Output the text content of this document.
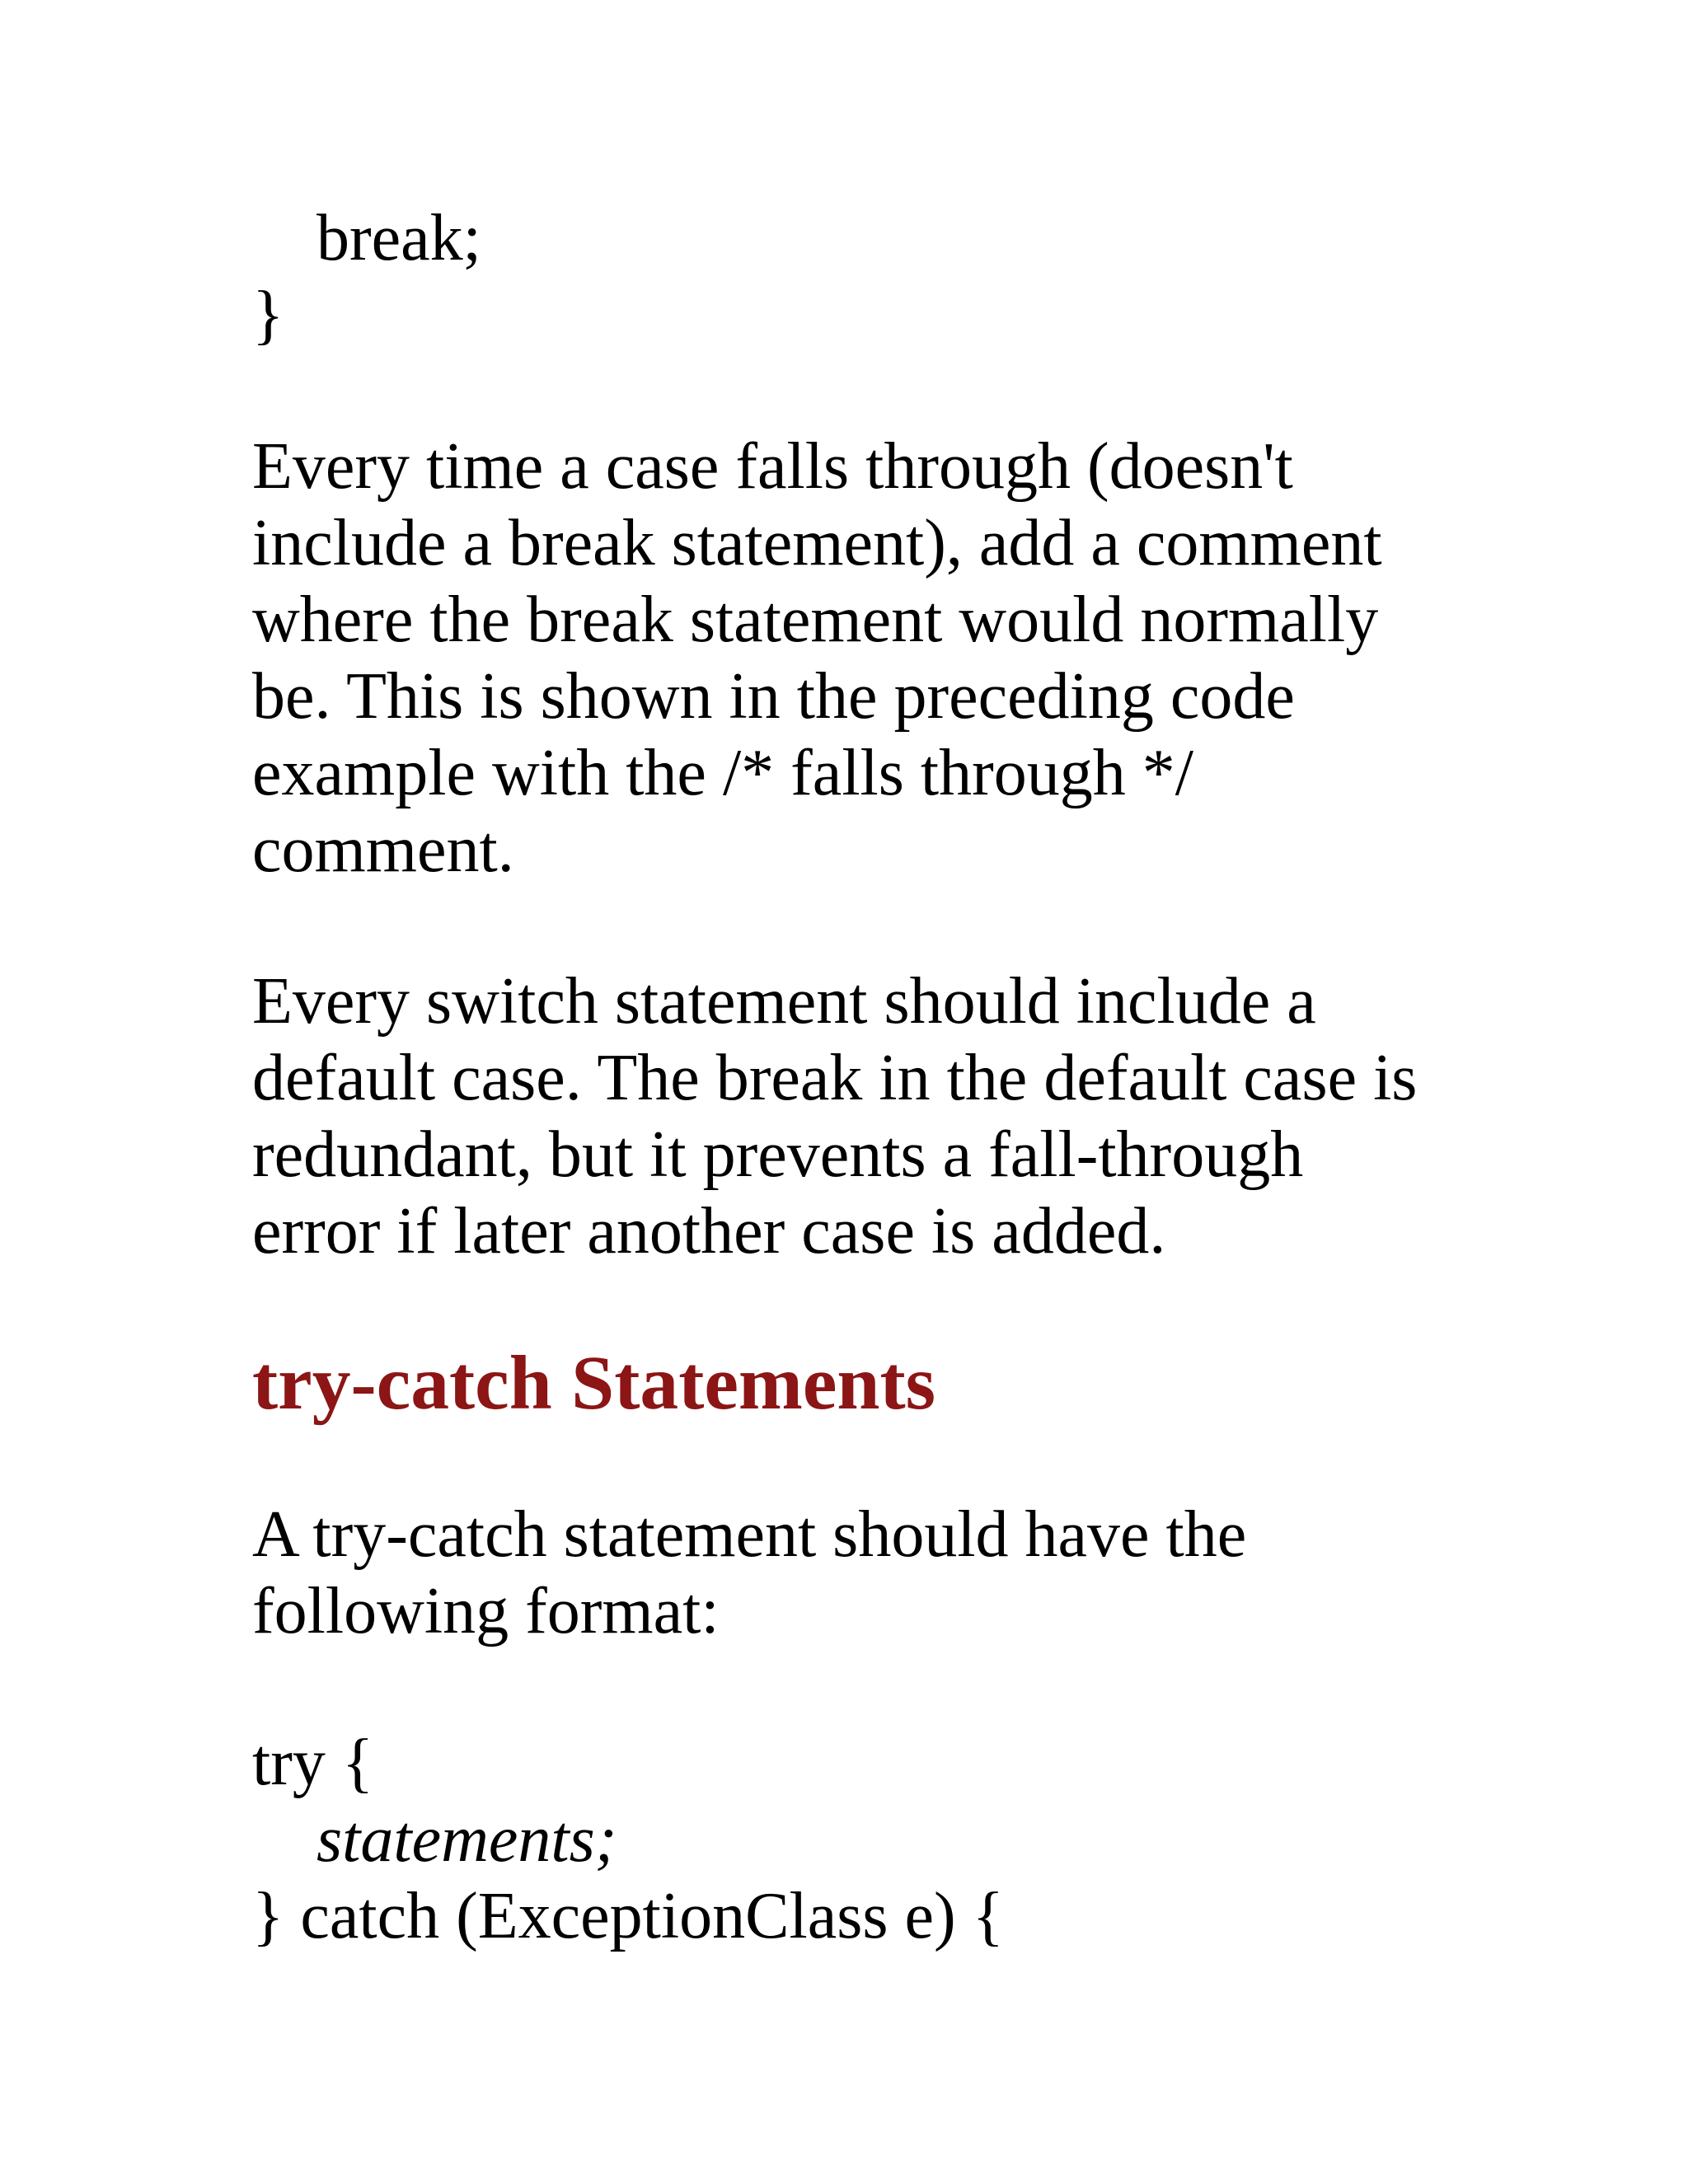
break;
}
Every time a case falls through (doesn't
include a break statement), add a comment
where the break statement would normally
be. This is shown in the preceding code
example with the /* falls through */
comment.
Every switch statement should include a
default case. The break in the default case is
redundant, but it prevents a fall-through
error if later another case is added.
try-catch Statements
A try-catch statement should have the
following format:
try {
statements;
} catch (ExceptionClass e) {
